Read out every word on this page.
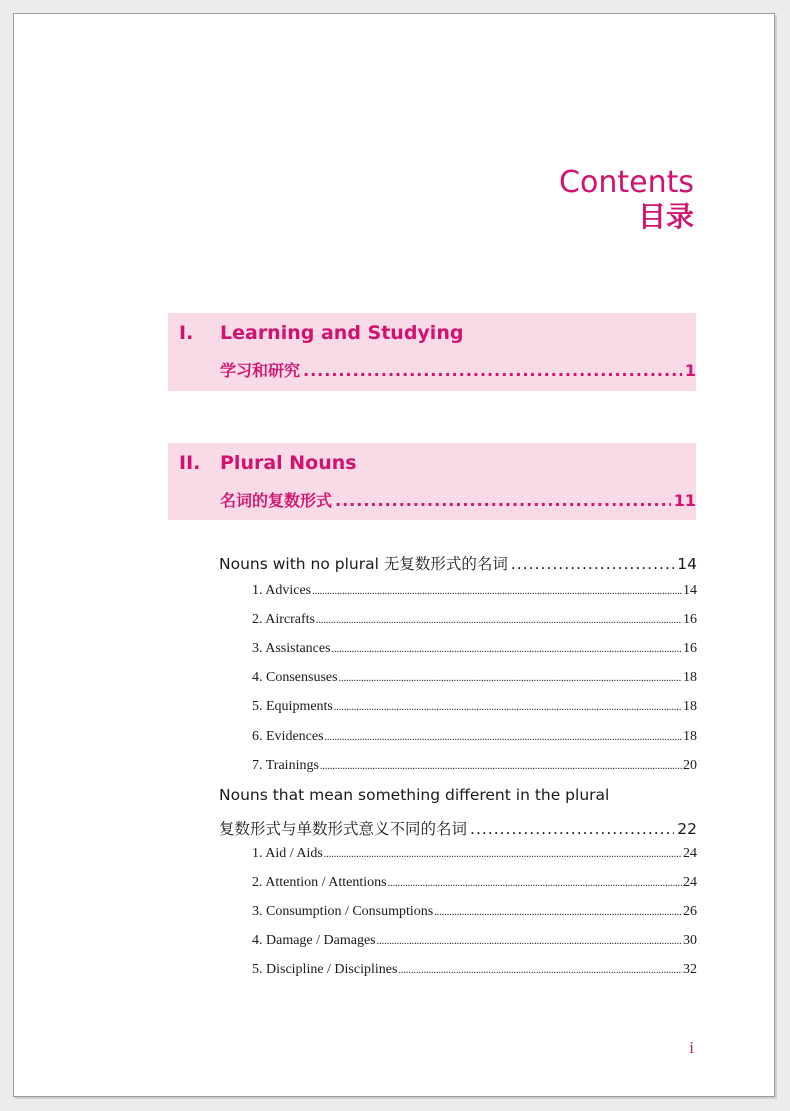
Contents
目录
I. Learning and Studying
学习和研究 .....	1
II. Plural Nouns
名词的复数形式 .....	11
Nouns with no plural 无复数形式的名词 .....	14
1. Advices .....	14
2. Aircrafts .....	16
3. Assistances .....	16
4. Consensuses .....	18
5. Equipments .....	18
6. Evidences .....	18
7. Trainings .....	20
Nouns that mean something different in the plural
复数形式与单数形式意义不同的名词 .....	22
1. Aid / Aids .....	24
2. Attention / Attentions .....	24
3. Consumption / Consumptions .....	26
4. Damage / Damages .....	30
5. Discipline / Disciplines .....	32
i
